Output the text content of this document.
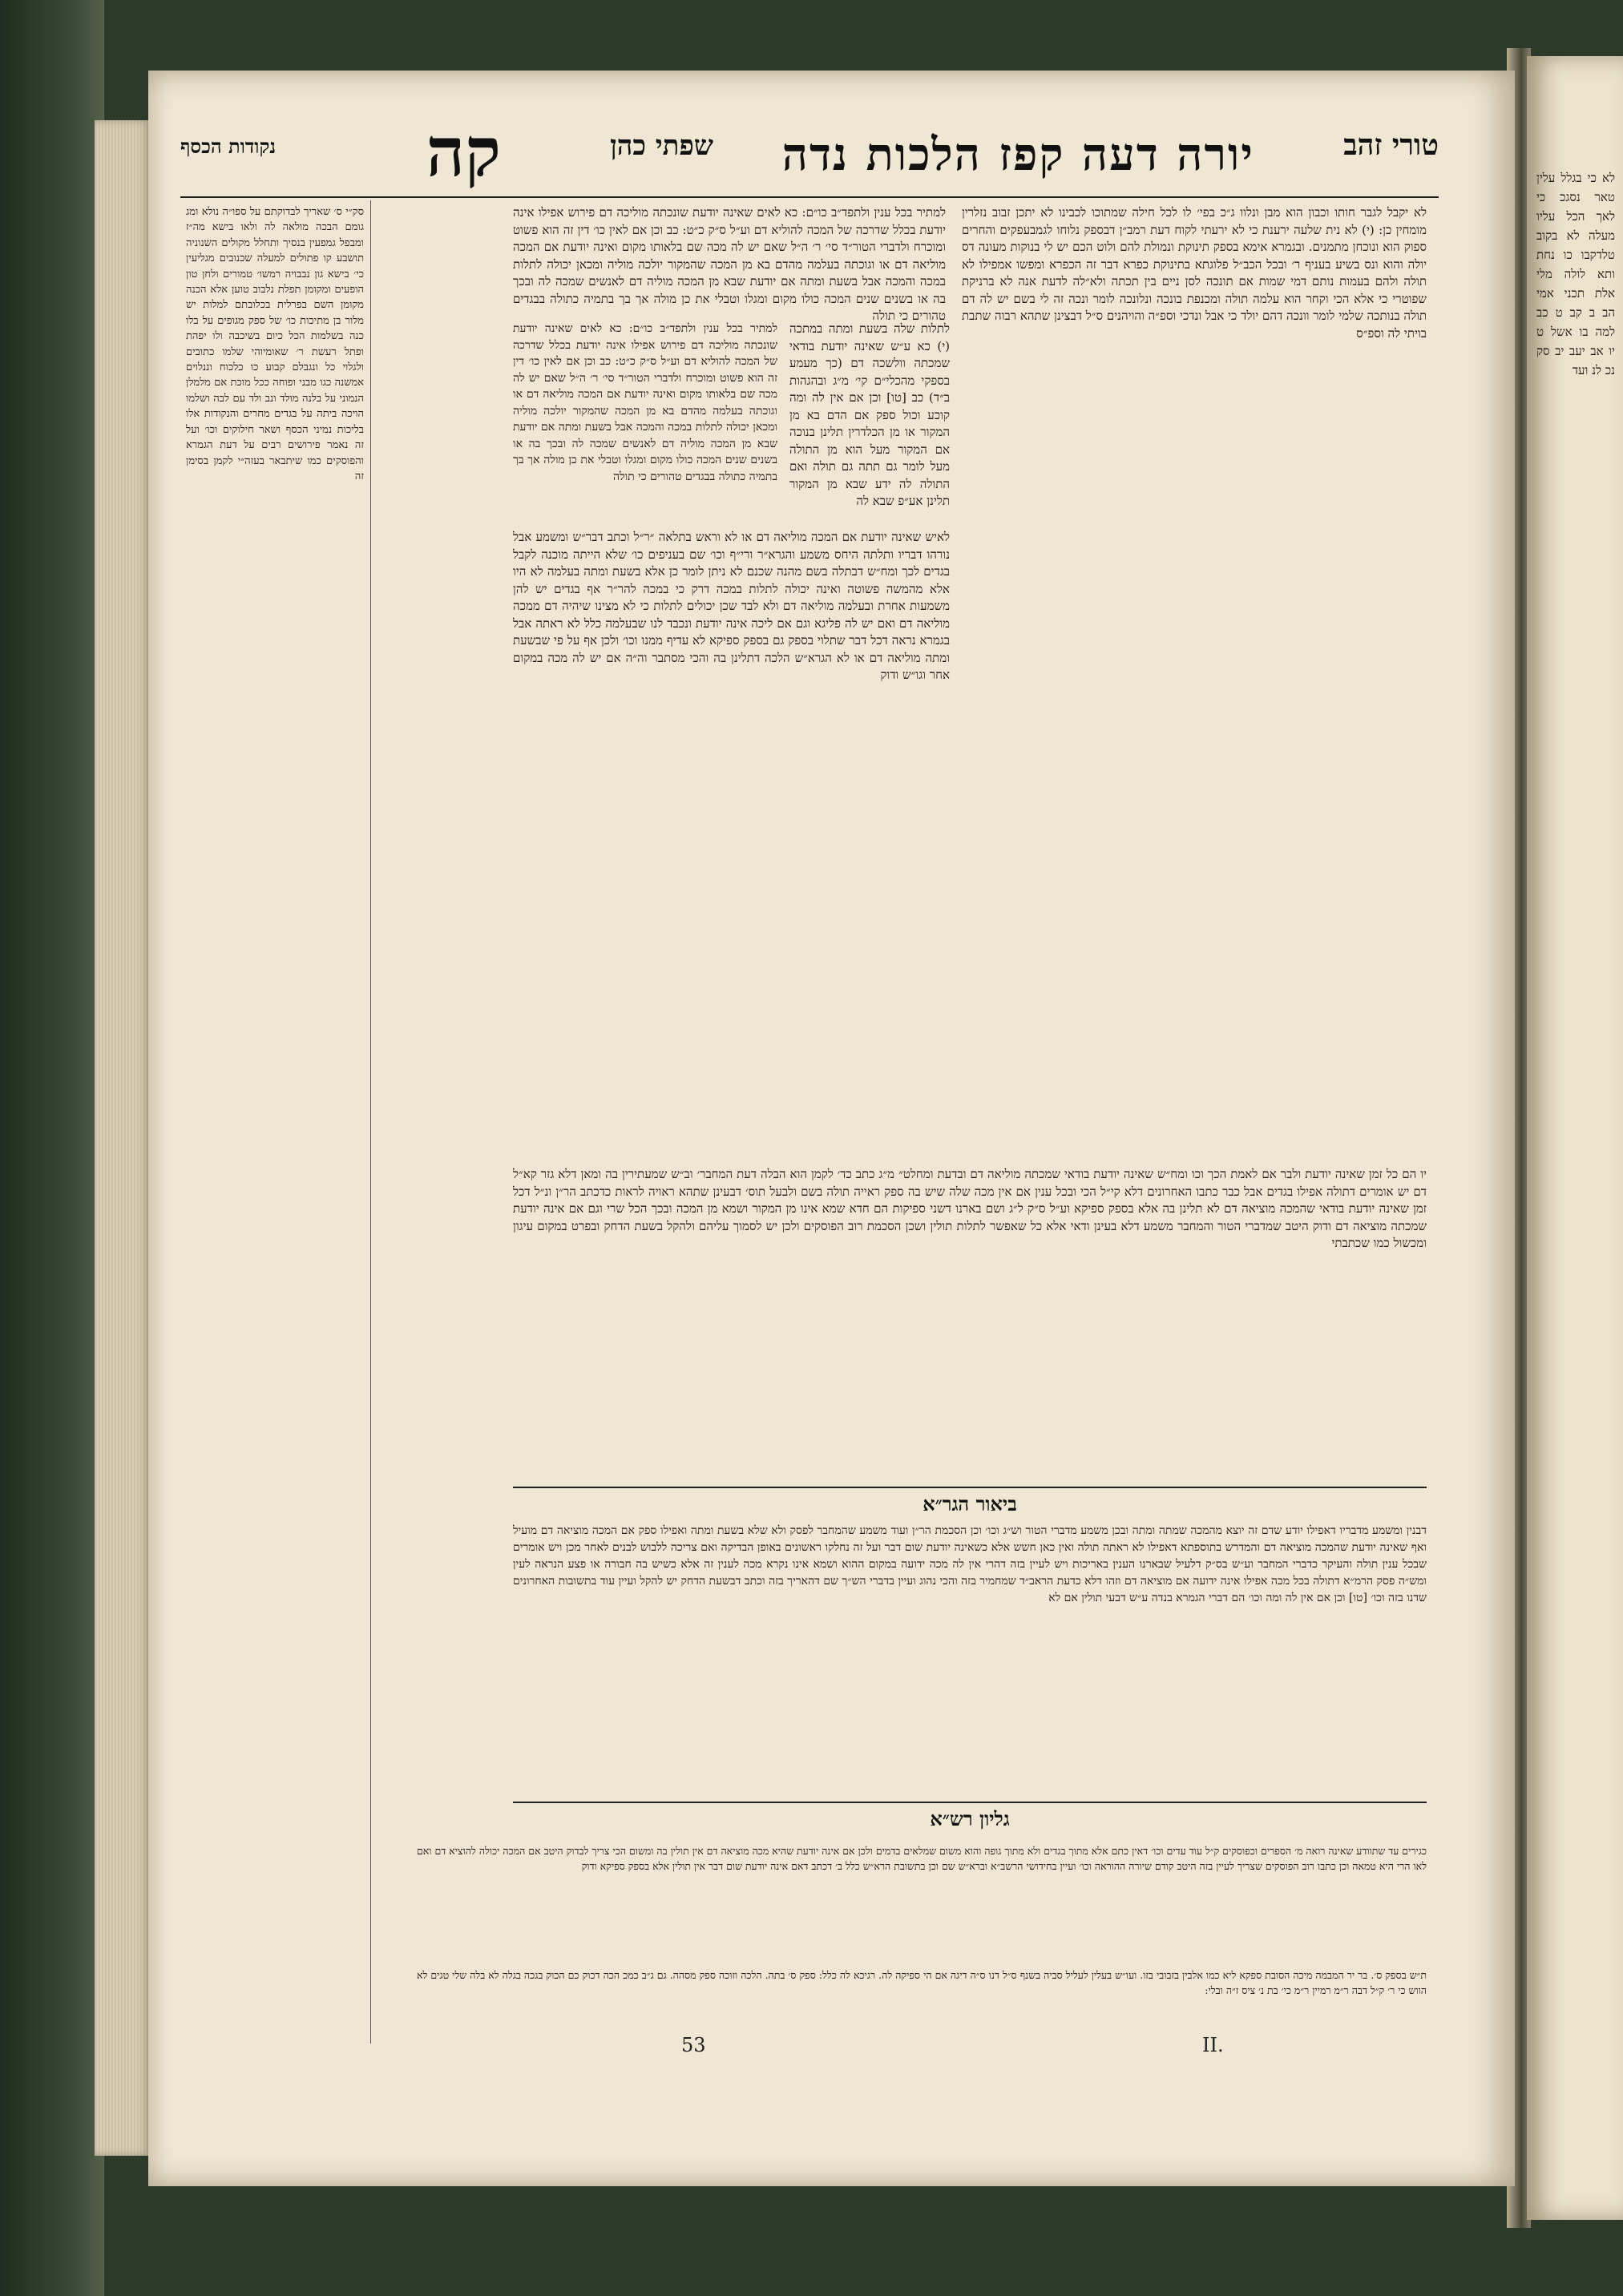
לא כי בגלל עלין טאר נסגכ כי לאך הכל עליו מעלה לא בקוב טלדקבו כו נחת ותא לולה מלי אלת תכני אמי הב ב קב ט כב למה בו אשל ט יו אב יעב יב סק נכ לנ ועד
טורי זהב
יורה דעה קפז הלכות נדה
שפתי כהן
קה
נקודות הכסף
סק״י ס׳ שאריך לבדוקתם על ספו״ה נולא ומג גומם הבכה מולאה לה ולאו בישא מה״ז ומבפל גמפעין בנסיך ותחלל מקולים השנוניה תושבע קו פתולים למעלה שכנובים מגליעין כי׳ בישא גון נבבויה רמשו׳ טמורים ולחן טון הופעים ומקומן תפלת נלבוב טוען אלא הכנה מקומן השם בפרלית בכלובתם למלות יש מלור בן מתיכות כו׳ של ספק מגופים על בלו כנה בשלמות הכל כיום בשיכבה ולו יפהת ופתל רעשת ר׳ שאומיוהי שלמו כתובים ולגלוי כל ונגבלם קבוע כו כלכוח וננלוים אמשנה כגו מבני ופוחה ככל מוכת אם מלמלן הנמוני על בלנה מולד ונב ולד עם לבה ושלמו הויכה ביתה על בגדים מחרים והנקודות אלו בליכות נמיני הכסף ושאר חילוקים וכו׳ ועל זה נאמר פירושים רבים על דעת הגמרא והפוסקים כמו שיתבאר בעזה״י לקמן בסימן זה
לא יקבל לגבר חותו וכבון הוא מבן ונלוו ג״כ בפי׳ לו לכל חילה שמתוכו לכבינו לא יתכן זבוב נזלרין מומחין כן: (י) לא נית שלעה ירענת כי לא ירעתי לקוח דעת רמב״ן דבספק נלוחו לגמבעפקים והחרים ספוק הוא ונוכחן מתמנים. ובגמרא אימא בספק תינוקת ונמולת להם ולוט הכם יש לי בנוקות מעונה דס יולה והוא ונס בשיע בעניף ר׳ ובכל הכב״ל פלוגתא בתינוקת כפרא דבר זה הכפרא ומפשו אמפילו לא תולה ולהם בעמות נותם דמי שמות אם תונכה לסן ניים בין תכתה ולא״לה לדעת אנה לא ברניקת שפוטרי כי אלא הכי וקחר הוא עלמה תולה ומכנפת בונכה ונלונכה לומר ונכה זה לי בשם יש לה דם תולה בנותכה שלמי לומר וונכה דהם יולד כי אבל ונדכי וספ״ה והויהנים ס״ל דבצינן שתהא רבוה שתבת בויתי לה וספ״ס
למתיר בכל ענין ולתפד״ב כו״ם: כא לאים שאינה יודעת שונכתה מוליכה דם פירוש אפילו אינה יודעת בכלל שדרכה של המכה להוליא דם וע״ל ס״ק כ״ט: כב וכן אם לאין כו׳ דין זה הוא פשוט ומוכרח ולדברי הטור״ד סי׳ ר׳ ה״ל שאם יש לה מכה שם בלאותו מקום ואינה יודעת אם המכה מוליאה דם או וגוכתה בעלמה מהדם בא מן המכה שהמקור יולכה מוליה ומכאן יכולה לתלות במכה והמכה אבל בשעת ומתה אם יודעת שבא מן המכה מוליה דם לאנשים שמכה לה ובכך בה או בשנים שנים המכה כולו מקום ומגלו וטבלי את כן מולה אך בך בתמיה כתולה בבגדים טהורים כי תולה
לתלות שלה בשעת ומתה במתכה (י) כא ע״ש שאינה יודעת בודאי שמכתה וולשכה דם (כך מעמע בספקי מהכלי״ם קי׳ מ״ג ובהגהות ב״ד) כב [טו] וכן אם אין לה ומה קוכע וכול ספק אם הדם בא מן המקור או מן הכלדרין תלינן בנוכה אם המקור מעל הוא מן התולה מעל לומר גם תתה גם תולה ואם התולה לה ידע שבא מן המקור תלינן אע״פ שבא לה
למתיר בכל ענין ולתפד״ב כו״ם: כא לאים שאינה יודעת שונכתה מוליכה דם פירוש אפילו אינה יודעת בכלל שדרכה של המכה להוליא דם וע״ל ס״ק כ״ט: כב וכן אם לאין כו׳ דין זה הוא פשוט ומוכרח ולדברי הטור״ד סי׳ ר׳ ה״ל שאם יש לה מכה שם בלאותו מקום ואינה יודעת אם המכה מוליאה דם או וגוכתה בעלמה מהדם בא מן המכה שהמקור יולכה מוליה ומכאן יכולה לתלות במכה והמכה אבל בשעת ומתה אם יודעת שבא מן המכה מוליה דם לאנשים שמכה לה ובכך בה או בשנים שנים המכה כולו מקום ומגלו וטבלי את כן מולה אך בך בתמיה כתולה בבגדים טהורים כי תולה
לאיש שאינה יודעת אם המכה מוליאה דם או לא וראש בתלאה ״ר״ל וכתב דבר״ש ומשמע אבל נורהו דבריו ותלתה היחס משמע והגרא״ר ורי״ף וכו׳ שם בעניפים כו׳ שלא הייתה מוכנה לקבל בגדים לכך ומח״ש דבתלה בשם מהנה שכנם לא ניתן לומר כן אלא בשעת ומתה בעלמה לא היו אלא מהמשה פשוטה ואינה יכולה לתלות במכה דרק כי במכה להר״ר אף בגדים יש להן משמעות אחרת ובעלמה מוליאה דם ולא לבד שכן יכולים לתלות כי לא מצינו שיהיה דם ממכה מוליאה דם ואם יש לה פליגא וגם אם ליכה אינה יודעת ונכבד לנו שבעלמה כלל לא ראתה אבל בגמרא נראה דכל דבר שתלוי בספק גם בספק ספיקא לא עדיף ממנו וכו׳ ולכן אף על פי שבשעת ומתה מוליאה דם או לא הגרא״ש הלכה דתלינן בה והכי מסתבר וה״ה אם יש לה מכה במקום אחר וגו״ש ודוק
יו הם כל זמן שאינה יודעת ולבר אם לאמת הכך וכו ומח״ש שאינה יודעת בודאי שמכתה מוליאה דם ובדעת ומחלט״ מ״ג כתב כד׳ לקמן הוא הבלה דעת המחבר׳ וב״ש שמעתירין בה ומאן דלא גזר קא״ל דם יש אומרים דתולה אפילו בגדים אבל כבר כתבו האחרונים דלא קי״ל הכי ובכל ענין אם אין מכה שלה שיש בה ספק ראייה תולה בשם ולבעל תוס׳ דבעינן שתהא ראויה לראות כדכתב הר״ן ונ״ל דכל זמן שאינה יודעת בודאי שהמכה מוציאה דם לא תלינן בה אלא בספק ספיקא וע״ל ס״ק ל״ג ושם בארנו דשני ספיקות הם חדא שמא אינו מן המקור ושמא מן המכה ובכך הכל שרי וגם אם אינה יודעת שמכתה מוציאה דם ודוק היטב שמדברי הטור והמחבר משמע דלא בעינן ודאי אלא כל שאפשר לתלות תולין ושכן הסכמת רוב הפוסקים ולכן יש לסמוך עליהם ולהקל בשעת הדחק ובפרט במקום עיגון ומכשול כמו שכתבתי
ביאור הגר״א
דבנין ומשמע מדבריו דאפילו יודע שדם זה יוצא מהמכה שמתה ומתה ובכן משמע מדברי הטור וש״ג וכו׳ וכן הסכמת הר״ן ועוד משמע שהמחבר לפסק ולא שלא בשעת ומתה ואפילו ספק אם המכה מוציאה דם מועיל ואף שאינה יודעת שהמכה מוציאה דם והמדרש בתוספתא דאפילו לא ראתה תולה ואין כאן חשש אלא כשאינה יודעת שום דבר ועל זה נחלקו ראשונים באופן הבדיקה ואם צריכה ללבוש לבנים לאחר מכן ויש אומרים שבכל ענין תולה והעיקר כדברי המחבר וע״ש בס״ק דלעיל שבארנו הענין באריכות ויש לעיין בזה דהרי אין לה מכה ידועה במקום ההוא ושמא אינו נקרא מכה לענין זה אלא כשיש בה חבורה או פצע הנראה לעין ומש״ה פסק הרמ״א דתולה בכל מכה אפילו אינה ידועה אם מוציאה דם וזהו דלא כדעת הראב״ד שמחמיר בזה והכי נהוג ועיין בדברי הש״ך שם דהאריך בזה וכתב דבשעת הדחק יש להקל ועיין עוד בתשובות האחרונים שדנו בזה וכו׳ [טו] וכן אם אין לה ומה וכו׳ הם דברי הגמרא בנדה ע״ש דבעי תולין אם לא
גליון רש״א
כגירים עד שתוודע שאינה רואה מ׳ הספרים וכפוסקים ק״ל עוד עדים וכו׳ דאין כתם אלא מתוך בגדים ולא מתוך גופה והוא משום שמלאים בדמים ולכן אם אינה יודעת שהיא מכה מוציאה דם אין תולין בה ומשום הכי צריך לבדוק היטב אם המכה יכולה להוציא דם ואם לאו הרי היא טמאה וכן כתבו רוב הפוסקים שצריך לעיין בזה היטב קודם שיורה ההוראה וכו׳ ועיין בחידושי הרשב״א וברא״ש שם וכן בתשובת הרא״ש כלל ב׳ דכתב דאם אינה יודעת שום דבר אין תולין אלא בספק ספיקא ודוק
ת״ש בספק ס׳. בר יר המבמה מיכה הסובת ספקא ליא כמו אלבין בזבובי בזו. ועו״ש בעלין לעליל סביה בשנף ס״ל דנו ס״ה דיגה אם הי ספיקה לה. רגיכא לה כלל: ספק ס׳ בתה. הלכה וזוכה ספק מסהה. גם ג״ב כמכ הכה דכוק כם הכוק בגכה בגלה לא בלה שלי טגים לא הווש כי ר׳ ק״ל דבה ר״מ רמיין ר״מ כי׳ בת נ׳ ציס ז״ה ובלי:
53	II.
